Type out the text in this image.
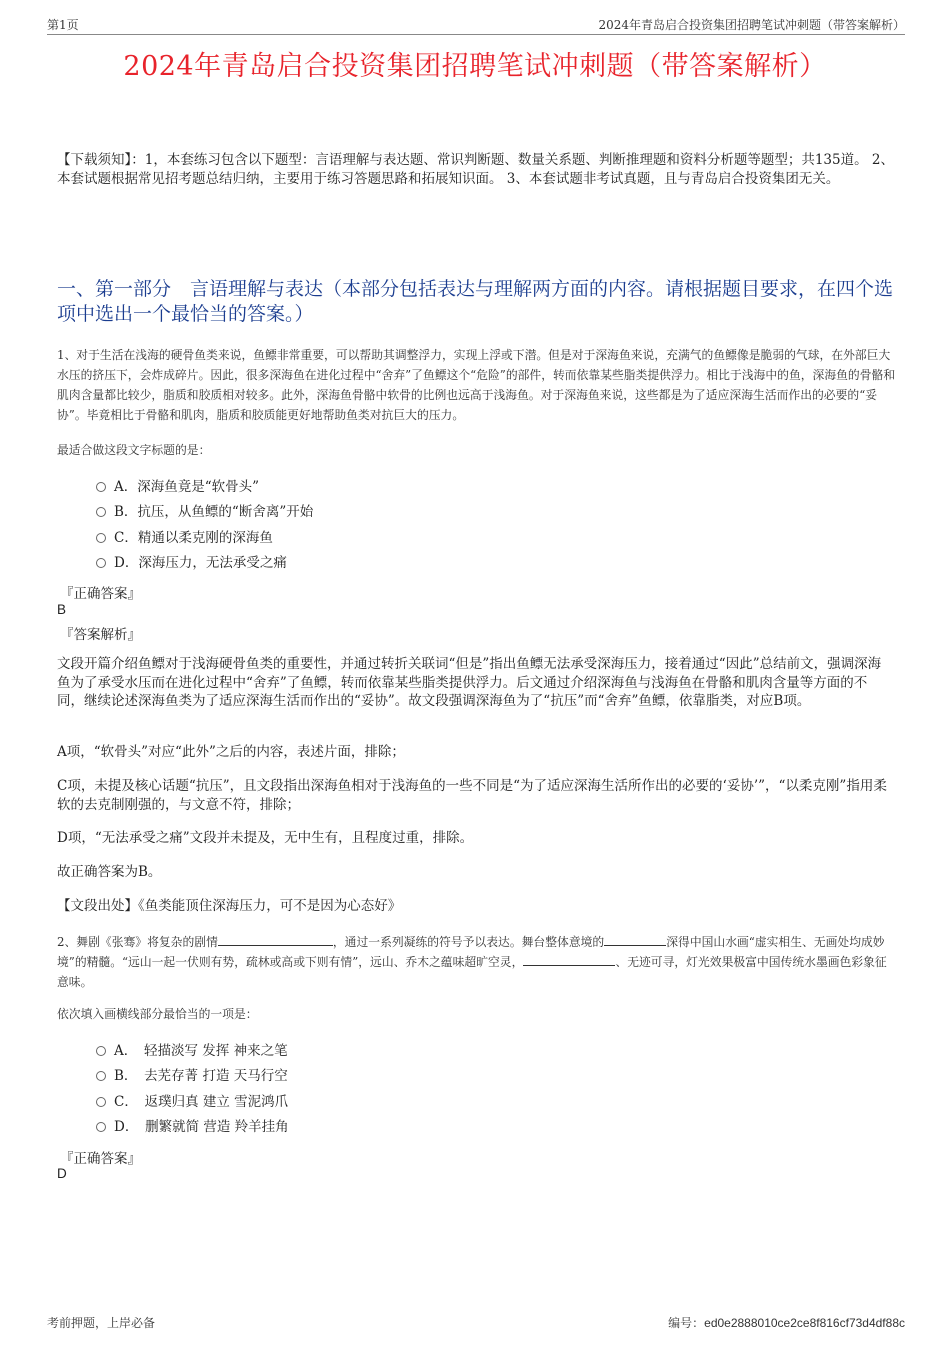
第1页	2024年青岛启合投资集团招聘笔试冲刺题（带答案解析）
2024年青岛启合投资集团招聘笔试冲刺题（带答案解析）
【下载须知】：1，本套练习包含以下题型：言语理解与表达题、常识判断题、数量关系题、判断推理题和资料分析题等题型；共135道。 2、本套试题根据常见招考题总结归纳，主要用于练习答题思路和拓展知识面。 3、本套试题非考试真题，且与青岛启合投资集团无关。
一、第一部分　言语理解与表达（本部分包括表达与理解两方面的内容。请根据题目要求，在四个选项中选出一个最恰当的答案。）
1、对于生活在浅海的硬骨鱼类来说，鱼鳔非常重要，可以帮助其调整浮力，实现上浮或下潜。但是对于深海鱼来说，充满气的鱼鳔像是脆弱的气球，在外部巨大水压的挤压下，会炸成碎片。因此，很多深海鱼在进化过程中“舍弃”了鱼鳔这个“危险”的部件，转而依靠某些脂类提供浮力。相比于浅海中的鱼，深海鱼的骨骼和肌肉含量都比较少，脂质和胶质相对较多。此外，深海鱼骨骼中软骨的比例也远高于浅海鱼。对于深海鱼来说，这些都是为了适应深海生活而作出的必要的“妥协”。毕竟相比于骨骼和肌肉，脂质和胶质能更好地帮助鱼类对抗巨大的压力。
最适合做这段文字标题的是：
A．深海鱼竟是“软骨头”
B．抗压，从鱼鳔的“断舍离”开始
C．精通以柔克刚的深海鱼
D．深海压力，无法承受之痛
『正确答案』
B
『答案解析』
文段开篇介绍鱼鳔对于浅海硬骨鱼类的重要性，并通过转折关联词“但是”指出鱼鳔无法承受深海压力，接着通过“因此”总结前文，强调深海鱼为了承受水压而在进化过程中“舍弃”了鱼鳔，转而依靠某些脂类提供浮力。后文通过介绍深海鱼与浅海鱼在骨骼和肌肉含量等方面的不同，继续论述深海鱼类为了适应深海生活而作出的“妥协”。故文段强调深海鱼为了“抗压”而“舍弃”鱼鳔，依靠脂类，对应B项。
A项，“软骨头”对应“此外”之后的内容，表述片面，排除；
C项，未提及核心话题“抗压”，且文段指出深海鱼相对于浅海鱼的一些不同是“为了适应深海生活所作出的必要的‘妥协’”，“以柔克刚”指用柔软的去克制刚强的，与文意不符，排除；
D项，“无法承受之痛”文段并未提及，无中生有，且程度过重，排除。
故正确答案为B。
【文段出处】《鱼类能顶住深海压力，可不是因为心态好》
2、舞剧《张骞》将复杂的剧情	，通过一系列凝练的符号予以表达。舞台整体意境的	深得中国山水画“虚实相生、无画处均成妙境”的精髓。“远山一起一伏则有势，疏林或高或下则有情”，远山、乔木之蕴味超旷空灵，	、无迹可寻，灯光效果极富中国传统水墨画色彩象征意味。
依次填入画横线部分最恰当的一项是：
A．　轻描淡写 发挥 神来之笔
B．　去芜存菁 打造 天马行空
C．　返璞归真 建立 雪泥鸿爪
D．　删繁就简 营造 羚羊挂角
『正确答案』
D
考前押题，上岸必备	编号：ed0e2888010ce2ce8f816cf73d4df88c
